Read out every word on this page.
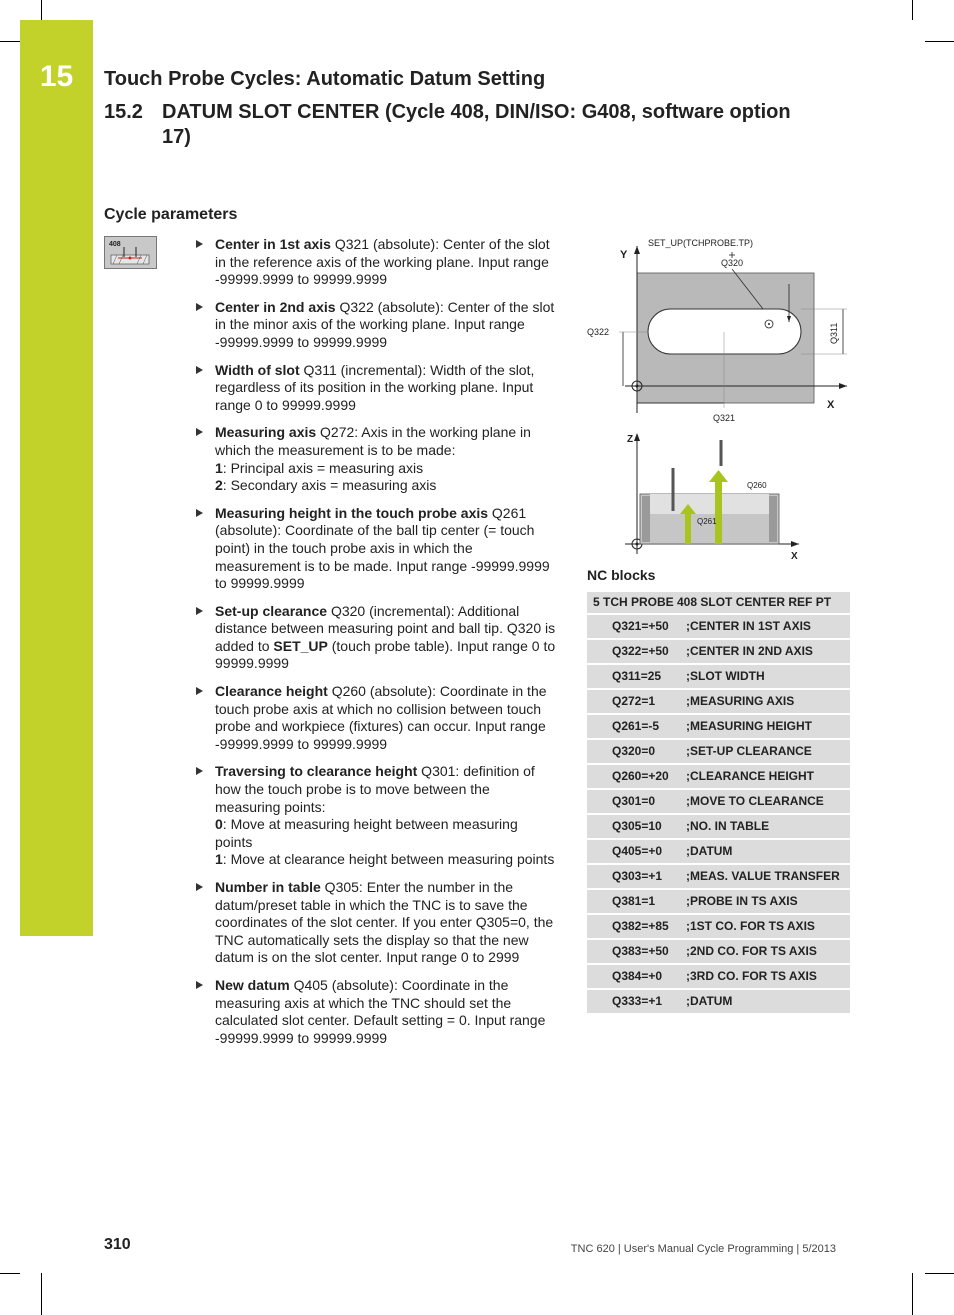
15	Touch Probe Cycles: Automatic Datum Setting
15.2 DATUM SLOT CENTER (Cycle 408, DIN/ISO: G408, software option
17)
Cycle parameters
408	Center in 1st axis Q321 (absolute): Center of the slot in the reference axis of the working plane. Input range -99999.9999 to 99999.9999
Center in 2nd axis Q322 (absolute): Center of the slot in the minor axis of the working plane. Input range -99999.9999 to 99999.9999
Width of slot Q311 (incremental): Width of the slot, regardless of its position in the working plane. Input range 0 to 99999.9999
Measuring axis Q272: Axis in the working plane in which the measurement is to be made:
1: Principal axis = measuring axis
2: Secondary axis = measuring axis
Measuring height in the touch probe axis Q261 (absolute): Coordinate of the ball tip center (= touch point) in the touch probe axis in which the measurement is to be made. Input range -99999.9999 to 99999.9999
Set-up clearance Q320 (incremental): Additional distance between measuring point and ball tip. Q320 is added to SET_UP (touch probe table). Input range 0 to 99999.9999
Clearance height Q260 (absolute): Coordinate in the touch probe axis at which no collision between touch probe and workpiece (fixtures) can occur. Input range -99999.9999 to 99999.9999
Traversing to clearance height Q301: definition of how the touch probe is to move between the measuring points:
0: Move at measuring height between measuring points
1: Move at clearance height between measuring points
Number in table Q305: Enter the number in the datum/preset table in which the TNC is to save the coordinates of the slot center. If you enter Q305=0, the TNC automatically sets the display so that the new datum is on the slot center. Input range 0 to 2999
New datum Q405 (absolute): Coordinate in the measuring axis at which the TNC should set the calculated slot center. Default setting = 0. Input range -99999.9999 to 99999.9999
Y
X
SET_UP(TCHPROBE.TP)
Q320
Q311
Q322
Q321
Z
X
Q260
Q261
NC blocks
5 TCH PROBE 408 SLOT CENTER REF PT	
Q321=+50	;CENTER IN 1ST AXIS
Q322=+50	;CENTER IN 2ND AXIS
Q311=25	;SLOT WIDTH
Q272=1	;MEASURING AXIS
Q261=-5	;MEASURING HEIGHT
Q320=0	;SET-UP CLEARANCE
Q260=+20	;CLEARANCE HEIGHT
Q301=0	;MOVE TO CLEARANCE
Q305=10	;NO. IN TABLE
Q405=+0	;DATUM
Q303=+1	;MEAS. VALUE TRANSFER
Q381=1	;PROBE IN TS AXIS
Q382=+85	;1ST CO. FOR TS AXIS
Q383=+50	;2ND CO. FOR TS AXIS
Q384=+0	;3RD CO. FOR TS AXIS
Q333=+1	;DATUM
310	TNC 620 | User's Manual Cycle Programming | 5/2013
